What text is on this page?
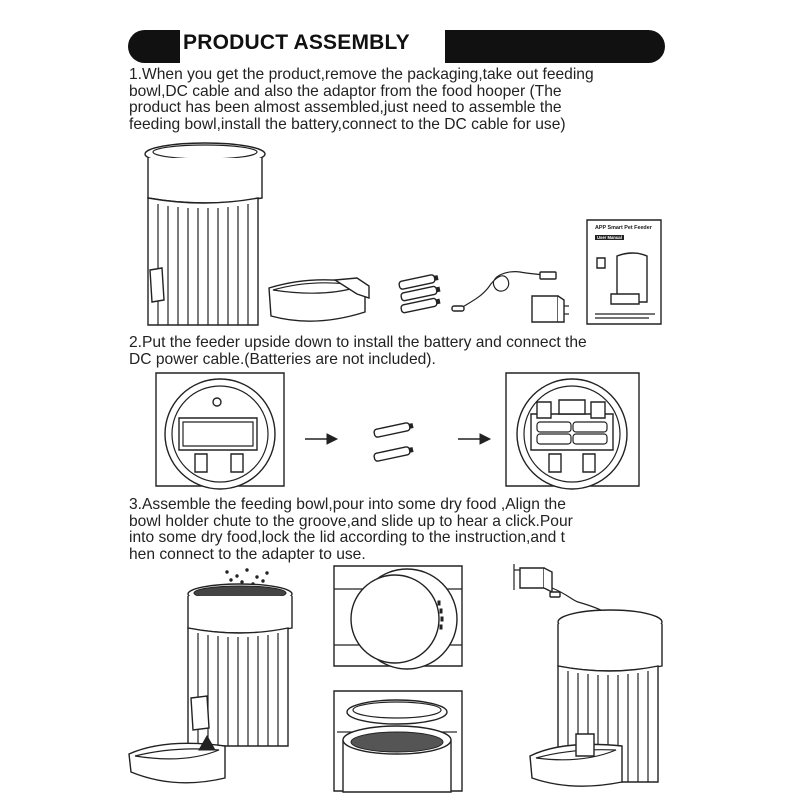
PRODUCT ASSEMBLY

1.When you get the product,remove the packaging,take out feeding
bowl,DC cable and also the adaptor from the food hooper (The
product has been almost assembled,just need to assemble the
feeding bowl,install the battery,connect to the DC cable for use)

2.Put the feeder upside down to install the battery and connect the
DC power cable.(Batteries are not included).

3.Assemble the feeding bowl,pour into some dry food ,Align the
bowl holder chute to the groove,and slide up to hear a click.Pour
into some dry food,lock the lid according to the instruction,and t
hen connect to the adapter to use.

APP Smart Pet Feeder
User Manual
